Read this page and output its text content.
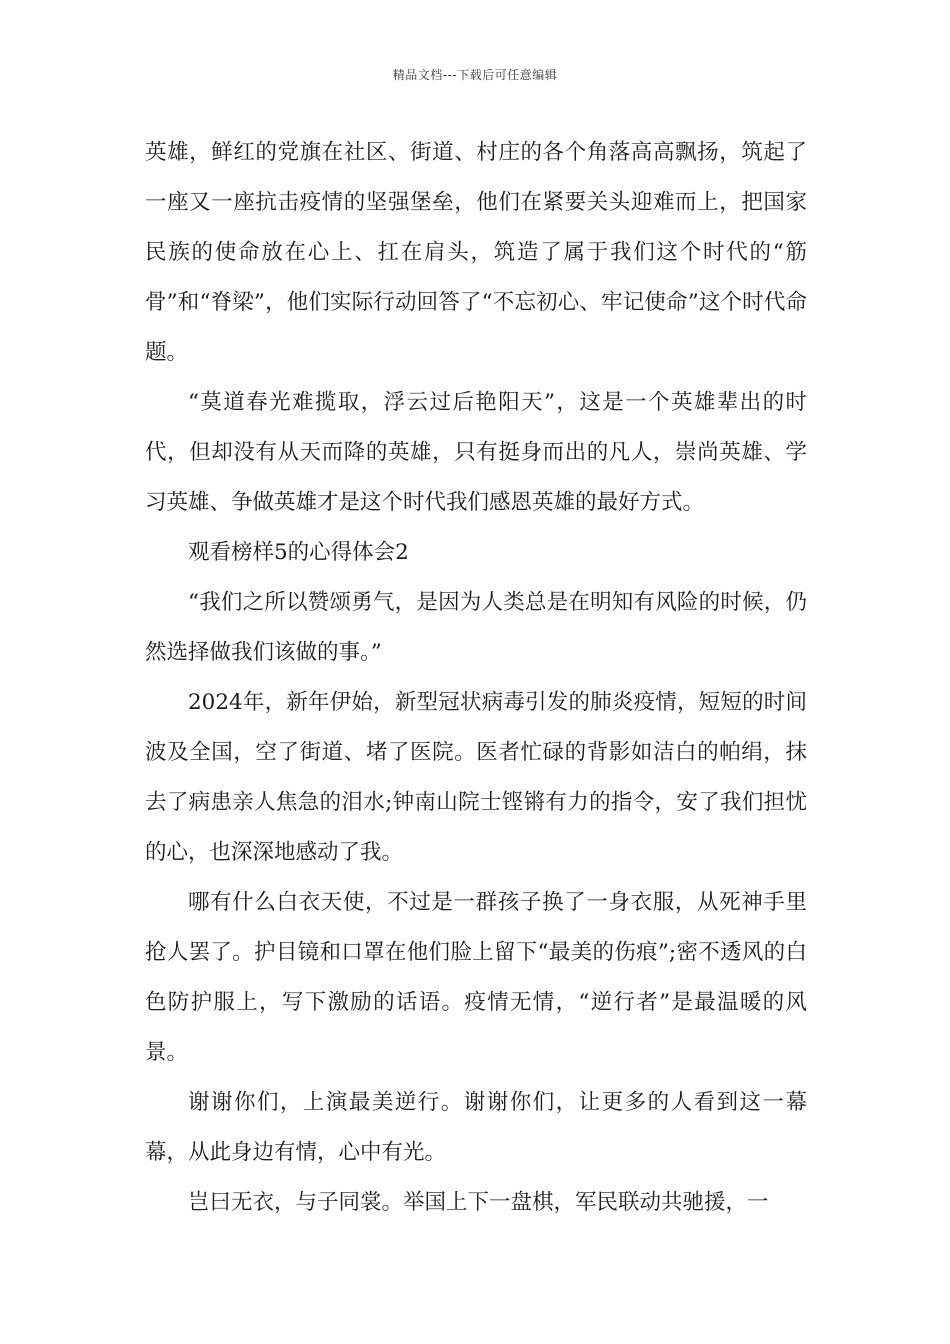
精品文档---下载后可任意编辑

英雄，鲜红的党旗在社区、街道、村庄的各个角落高高飘扬，筑起了一座又一座抗击疫情的坚强堡垒，他们在紧要关头迎难而上，把国家民族的使命放在心上、扛在肩头，筑造了属于我们这个时代的“筋骨”和“脊梁”，他们实际行动回答了“不忘初心、牢记使命”这个时代命题。

“莫道春光难揽取，浮云过后艳阳天”，这是一个英雄辈出的时代，但却没有从天而降的英雄，只有挺身而出的凡人，崇尚英雄、学习英雄、争做英雄才是这个时代我们感恩英雄的最好方式。

观看榜样5的心得体会2

“我们之所以赞颂勇气，是因为人类总是在明知有风险的时候，仍然选择做我们该做的事。”

2024年，新年伊始，新型冠状病毒引发的肺炎疫情，短短的时间波及全国，空了街道、堵了医院。医者忙碌的背影如洁白的帕绢，抹去了病患亲人焦急的泪水;钟南山院士铿锵有力的指令，安了我们担忧的心，也深深地感动了我。

哪有什么白衣天使，不过是一群孩子换了一身衣服，从死神手里抢人罢了。护目镜和口罩在他们脸上留下“最美的伤痕”;密不透风的白色防护服上，写下激励的话语。疫情无情，“逆行者”是最温暖的风景。

谢谢你们，上演最美逆行。谢谢你们，让更多的人看到这一幕幕，从此身边有情，心中有光。

岂曰无衣，与子同裳。举国上下一盘棋，军民联动共驰援，一
